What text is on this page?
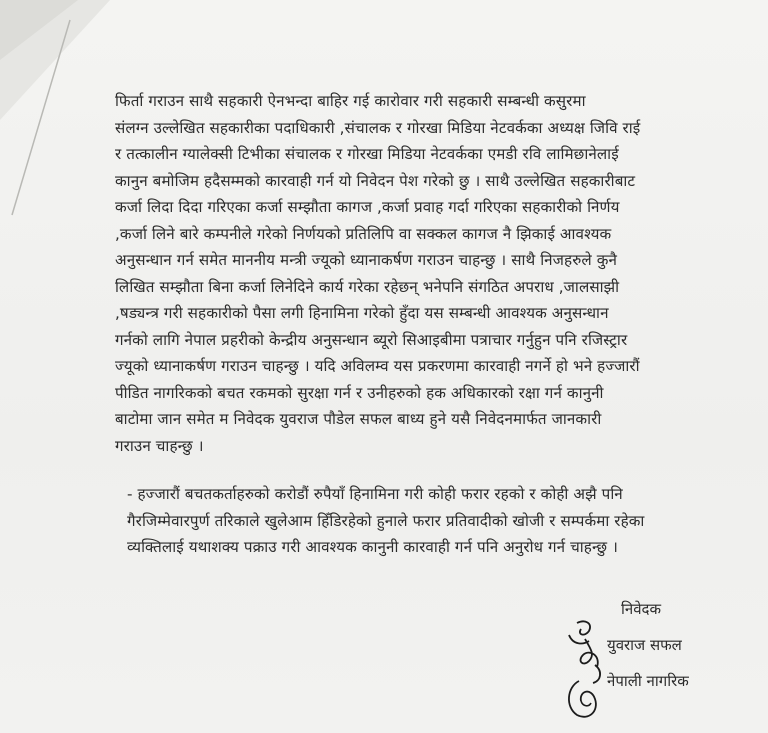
फिर्ता गराउन साथै सहकारी ऐनभन्दा बाहिर गई कारोवार गरी सहकारी सम्बन्धी कसुरमा
संलग्न उल्लेखित सहकारीका पदाधिकारी ,संचालक र गोरखा मिडिया नेटवर्कका अध्यक्ष जिवि राई
र तत्कालीन ग्यालेक्सी टिभीका संचालक र गोरखा मिडिया नेटवर्कका एमडी रवि लामिछानेलाई
कानुन बमोजिम हदैसम्मको कारवाही गर्न यो निवेदन पेश गरेको छु । साथै उल्लेखित सहकारीबाट
कर्जा लिदा दिदा गरिएका कर्जा सम्झौता कागज ,कर्जा प्रवाह गर्दा गरिएका सहकारीको निर्णय
,कर्जा लिने बारे कम्पनीले गरेको निर्णयको प्रतिलिपि वा सक्कल कागज नै झिकाई आवश्यक
अनुसन्धान गर्न समेत माननीय मन्त्री ज्यूको ध्यानाकर्षण गराउन चाहन्छु । साथै निजहरुले कुनै
लिखित सम्झौता बिना कर्जा लिनेदिने कार्य गरेका रहेछन् भनेपनि संगठित अपराध ,जालसाझी
,षड्यन्त्र गरी सहकारीको पैसा लगी हिनामिना गरेको हुँदा यस सम्बन्धी आवश्यक अनुसन्धान
गर्नको लागि नेपाल प्रहरीको केन्द्रीय अनुसन्धान ब्यूरो सिआइबीमा पत्राचार गर्नुहुन पनि रजिस्ट्रार
ज्यूको ध्यानाकर्षण गराउन चाहन्छु । यदि अविलम्व यस प्रकरणमा कारवाही नगर्ने हो भने हज्जारौं
पीडित नागरिकको बचत रकमको सुरक्षा गर्न र उनीहरुको हक अधिकारको रक्षा गर्न कानुनी
बाटोमा जान समेत म निवेदक युवराज पौडेल सफल बाध्य हुने यसै निवेदनमार्फत जानकारी
गराउन चाहन्छु ।
- हज्जारौं बचतकर्ताहरुको करोडौं रुपैयाँ हिनामिना गरी कोही फरार रहको र कोही अझै पनि
गैरजिम्मेवारपुर्ण तरिकाले खुलेआम हिँडिरहेको हुनाले फरार प्रतिवादीको खोजी र सम्पर्कमा रहेका
व्यक्तिलाई यथाशक्य पक्राउ गरी आवश्यक कानुनी कारवाही गर्न पनि अनुरोध गर्न चाहन्छु ।
निवेदक
युवराज सफल
नेपाली नागरिक
